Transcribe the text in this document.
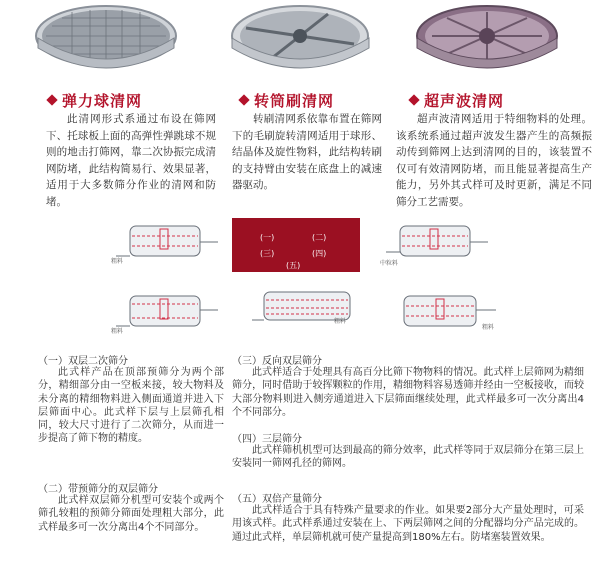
弹力球清网	转筒刷清网	超声波清网
此清网形式系通过布设在筛网下、托球板上面的高弹性弹跳球不规则的地击打筛网，靠二次协振完成清网防堵，此结构简易行、效果显著，适用于大多数筛分作业的清网和防堵。
转刷清网系依靠布置在筛网下的毛刷旋转清网适用于球形、结晶体及旋性物料，此结构转刷的支持臂由安装在底盘上的减速器驱动。
超声波清网适用于特细物料的处理。该系统系通过超声波发生器产生的高频振动传到筛网上达到清网的目的，该装置不仅可有效清网防堵，而且能显著提高生产能力，另外其式样可及时更新，满足不同筛分工艺需要。
粗料
(一)	(二)
(三)	(四)
(五)	中粒料
粗料
粗料
粗料
（一）双层二次筛分
此式样产品在顶部预筛分为两个部分，精细部分由一空板来接，较大物料及未分离的精细物料进入侧面通道并进入下层筛面中心。此式样下层与上层筛孔相同，较大尺寸进行了二次筛分，从而进一步提高了筛下物的精度。
（二）带预筛分的双层筛分
此式样双层筛分机型可安装个或两个筛孔较粗的预筛分筛面处理粗大部分，此式样最多可一次分离出4个不同部分。
（三）反向双层筛分
此式样适合于处理具有高百分比筛下物物料的情况。此式样上层筛网为精细筛分，同时借助于较挥颗粒的作用，精细物料容易透筛并经由一空板接收，而较大部分物料则进入侧旁通道进入下层筛面继续处理，此式样最多可一次分离出4个不同部分。
（四）三层筛分
此式样筛机机型可达到最高的筛分效率，此式样等同于双层筛分在第三层上安装同一筛网孔径的筛网。
（五）双倍产量筛分
此式样适合于具有特殊产量要求的作业。如果要2部分大产量处理时，可采用该式样。此式样系通过安装在上、下两层筛网之间的分配器均分产品完成的。通过此式样，单层筛机就可使产量提高到180%左右。防堵塞装置效果。
